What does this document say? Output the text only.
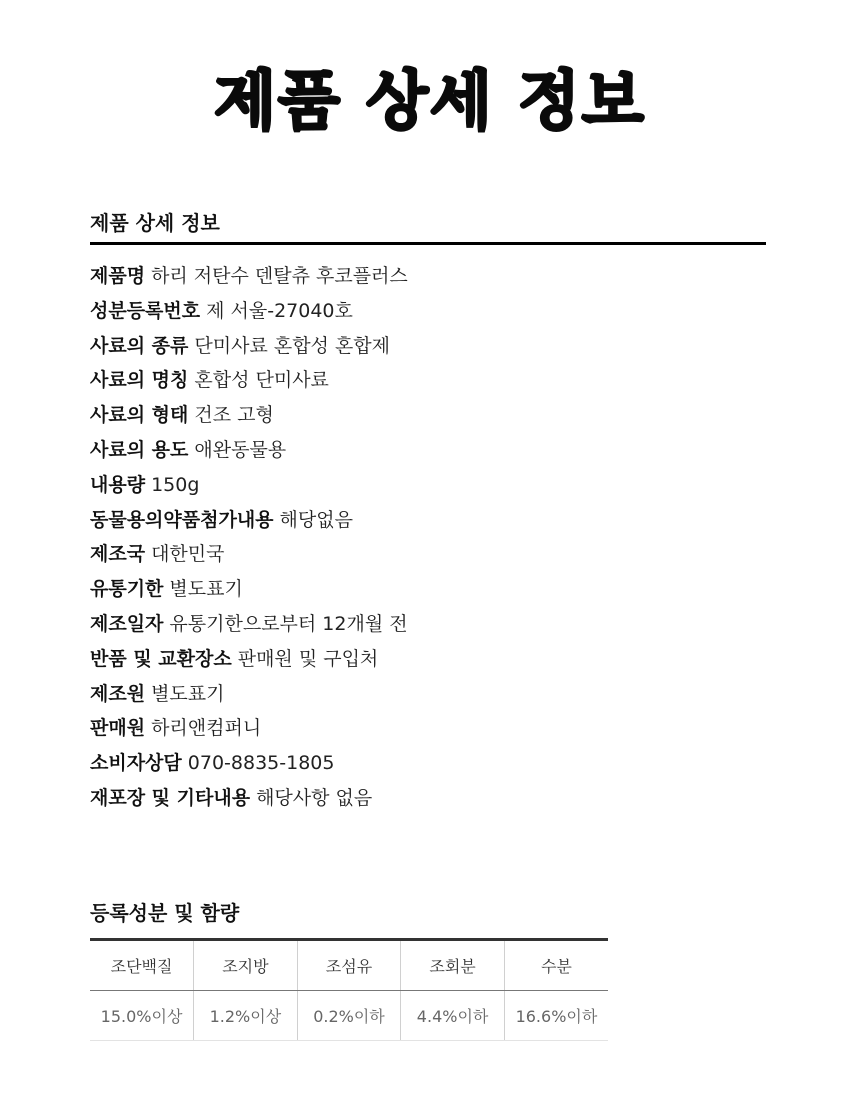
제품 상세 정보
제품 상세 정보
제품명 하리 저탄수 덴탈츄 후코플러스
성분등록번호 제 서울-27040호
사료의 종류 단미사료 혼합성 혼합제
사료의 명칭 혼합성 단미사료
사료의 형태 건조 고형
사료의 용도 애완동물용
내용량 150g
동물용의약품첨가내용 해당없음
제조국 대한민국
유통기한 별도표기
제조일자 유통기한으로부터 12개월 전
반품 및 교환장소 판매원 및 구입처
제조원 별도표기
판매원 하리앤컴퍼니
소비자상담 070-8835-1805
재포장 및 기타내용 해당사항 없음
등록성분 및 함량
조단백질	조지방	조섬유	조회분	수분
15.0%이상	1.2%이상	0.2%이하	4.4%이하	16.6%이하
